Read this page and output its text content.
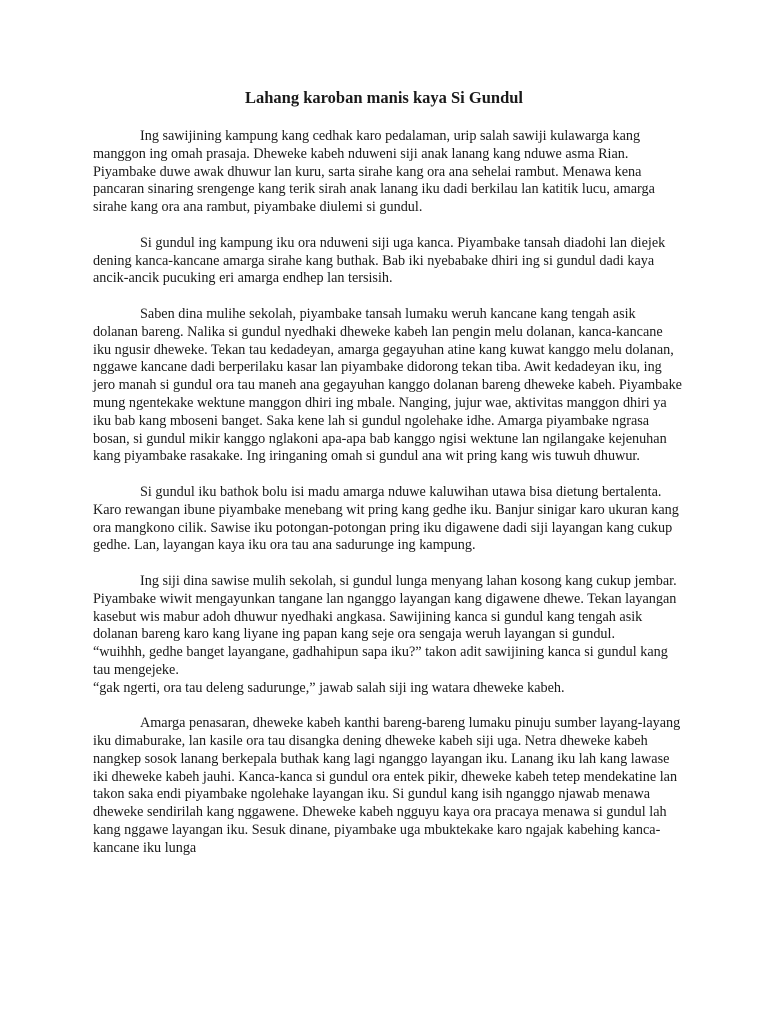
Lahang karoban manis kaya Si Gundul

Ing sawijining kampung kang cedhak karo pedalaman, urip salah sawiji kulawarga kang manggon ing omah prasaja. Dheweke kabeh nduweni siji anak lanang kang nduwe asma Rian. Piyambake duwe awak dhuwur lan kuru, sarta sirahe kang ora ana sehelai rambut. Menawa kena pancaran sinaring srengenge kang terik sirah anak lanang iku dadi berkilau lan katitik lucu, amarga sirahe kang ora ana rambut, piyambake diulemi si gundul.

Si gundul ing kampung iku ora nduweni siji uga kanca. Piyambake tansah diadohi lan diejek dening kanca-kancane amarga sirahe kang buthak. Bab iki nyebabake dhiri ing si gundul dadi kaya ancik-ancik pucuking eri amarga endhep lan tersisih.

Saben dina mulihe sekolah, piyambake tansah lumaku weruh kancane kang tengah asik dolanan bareng. Nalika si gundul nyedhaki dheweke kabeh lan pengin melu dolanan, kanca-kancane iku ngusir dheweke. Tekan tau kedadeyan, amarga gegayuhan atine kang kuwat kanggo melu dolanan, nggawe kancane dadi berperilaku kasar lan piyambake didorong tekan tiba. Awit kedadeyan iku, ing jero manah si gundul ora tau maneh ana gegayuhan kanggo dolanan bareng dheweke kabeh. Piyambake mung ngentekake wektune manggon dhiri ing mbale. Nanging, jujur wae, aktivitas manggon dhiri ya iku bab kang mboseni banget. Saka kene lah si gundul ngolehake idhe. Amarga piyambake ngrasa bosan, si gundul mikir kanggo nglakoni apa-apa bab kanggo ngisi wektune lan ngilangake kejenuhan kang piyambake rasakake. Ing iringaning omah si gundul ana wit pring kang wis tuwuh dhuwur.

Si gundul iku bathok bolu isi madu amarga nduwe kaluwihan utawa bisa dietung bertalenta. Karo rewangan ibune piyambake menebang wit pring kang gedhe iku. Banjur sinigar karo ukuran kang ora mangkono cilik. Sawise iku potongan-potongan pring iku digawene dadi siji layangan kang cukup gedhe. Lan, layangan kaya iku ora tau ana sadurunge ing kampung.

Ing siji dina sawise mulih sekolah, si gundul lunga menyang lahan kosong kang cukup jembar. Piyambake wiwit mengayunkan tangane lan nganggo layangan kang digawene dhewe. Tekan layangan kasebut wis mabur adoh dhuwur nyedhaki angkasa. Sawijining kanca si gundul kang tengah asik dolanan bareng karo kang liyane ing papan kang seje ora sengaja weruh layangan si gundul.

“wuihhh, gedhe banget layangane, gadhahipun sapa iku?” takon adit sawijining kanca si gundul kang tau mengejeke.

“gak ngerti, ora tau deleng sadurunge,” jawab salah siji ing watara dheweke kabeh.

Amarga penasaran, dheweke kabeh kanthi bareng-bareng lumaku pinuju sumber layang-layang iku dimaburake, lan kasile ora tau disangka dening dheweke kabeh siji uga. Netra dheweke kabeh nangkep sosok lanang berkepala buthak kang lagi nganggo layangan iku. Lanang iku lah kang lawase iki dheweke kabeh jauhi. Kanca-kanca si gundul ora entek pikir, dheweke kabeh tetep mendekatine lan takon saka endi piyambake ngolehake layangan iku. Si gundul kang isih nganggo njawab menawa dheweke sendirilah kang nggawene. Dheweke kabeh ngguyu kaya ora pracaya menawa si gundul lah kang nggawe layangan iku. Sesuk dinane, piyambake uga mbuktekake karo ngajak kabehing kanca-kancane iku lunga
